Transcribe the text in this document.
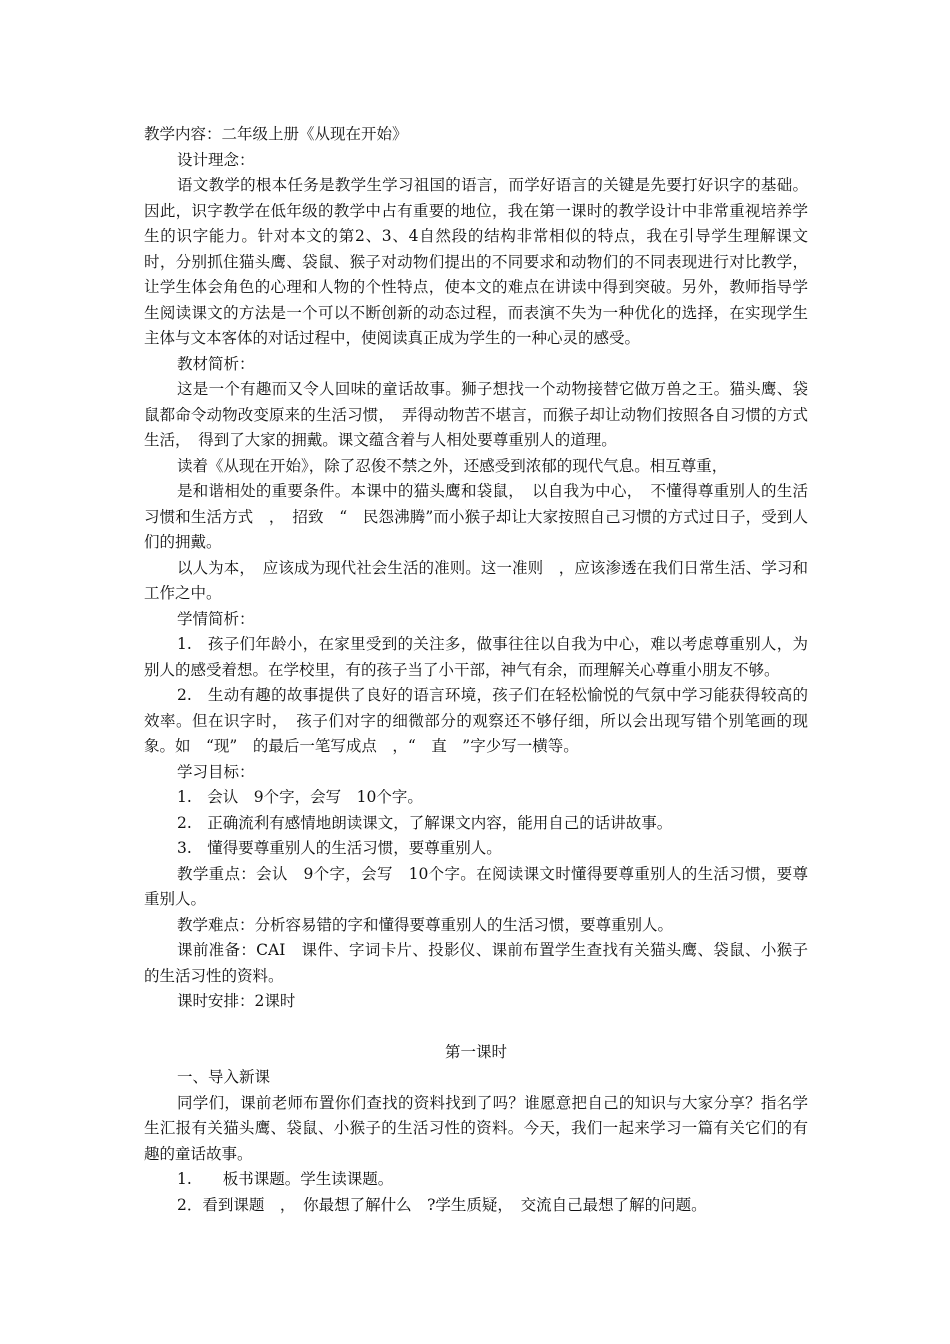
教学内容：二年级上册《从现在开始》

设计理念：

语文教学的根本任务是教学生学习祖国的语言，而学好语言的关键是先要打好识字的基础。因此，识字教学在低年级的教学中占有重要的地位，我在第一课时的教学设计中非常重视培养学生的识字能力。针对本文的第2、3、4自然段的结构非常相似的特点，我在引导学生理解课文时，分别抓住猫头鹰、袋鼠、猴子对动物们提出的不同要求和动物们的不同表现进行对比教学，让学生体会角色的心理和人物的个性特点，使本文的难点在讲读中得到突破。另外，教师指导学生阅读课文的方法是一个可以不断创新的动态过程，而表演不失为一种优化的选择，在实现学生主体与文本客体的对话过程中，使阅读真正成为学生的一种心灵的感受。

教材简析：

这是一个有趣而又令人回味的童话故事。狮子想找一个动物接替它做万兽之王。猫头鹰、袋鼠都命令动物改变原来的生活习惯，　弄得动物苦不堪言，而猴子却让动物们按照各自习惯的方式生活，　得到了大家的拥戴。课文蕴含着与人相处要尊重别人的道理。

读着《从现在开始》，除了忍俊不禁之外，还感受到浓郁的现代气息。相互尊重，

是和谐相处的重要条件。本课中的猫头鹰和袋鼠，　以自我为中心，　不懂得尊重别人的生活习惯和生活方式　，　招致　“　民怨沸腾”而小猴子却让大家按照自己习惯的方式过日子，受到人们的拥戴。

以人为本，　应该成为现代社会生活的准则。这一准则　，应该渗透在我们日常生活、学习和工作之中。

学情简析：

1.　孩子们年龄小，在家里受到的关注多，做事往往以自我为中心，难以考虑尊重别人，为别人的感受着想。在学校里，有的孩子当了小干部，神气有余，而理解关心尊重小朋友不够。

2.　生动有趣的故事提供了良好的语言环境，孩子们在轻松愉悦的气氛中学习能获得较高的效率。但在识字时，　孩子们对字的细微部分的观察还不够仔细，所以会出现写错个别笔画的现象。如　“现”　的最后一笔写成点　，“　直　”字少写一横等。

学习目标：

1.　会认　9个字，会写　10个字。

2.　正确流利有感情地朗读课文，了解课文内容，能用自己的话讲故事。

3.　懂得要尊重别人的生活习惯，要尊重别人。

教学重点：会认　9个字，会写　10个字。在阅读课文时懂得要尊重别人的生活习惯，要尊重别人。

教学难点：分析容易错的字和懂得要尊重别人的生活习惯，要尊重别人。

课前准备：CAI　课件、字词卡片、投影仪、课前布置学生查找有关猫头鹰、袋鼠、小猴子的生活习性的资料。

课时安排：2课时

第一课时

一、导入新课

同学们，课前老师布置你们查找的资料找到了吗？谁愿意把自己的知识与大家分享？指名学生汇报有关猫头鹰、袋鼠、小猴子的生活习性的资料。今天，我们一起来学习一篇有关它们的有趣的童话故事。

1.　　板书课题。学生读课题。

2．看到课题　，　你最想了解什么　?学生质疑，　交流自己最想了解的问题。
